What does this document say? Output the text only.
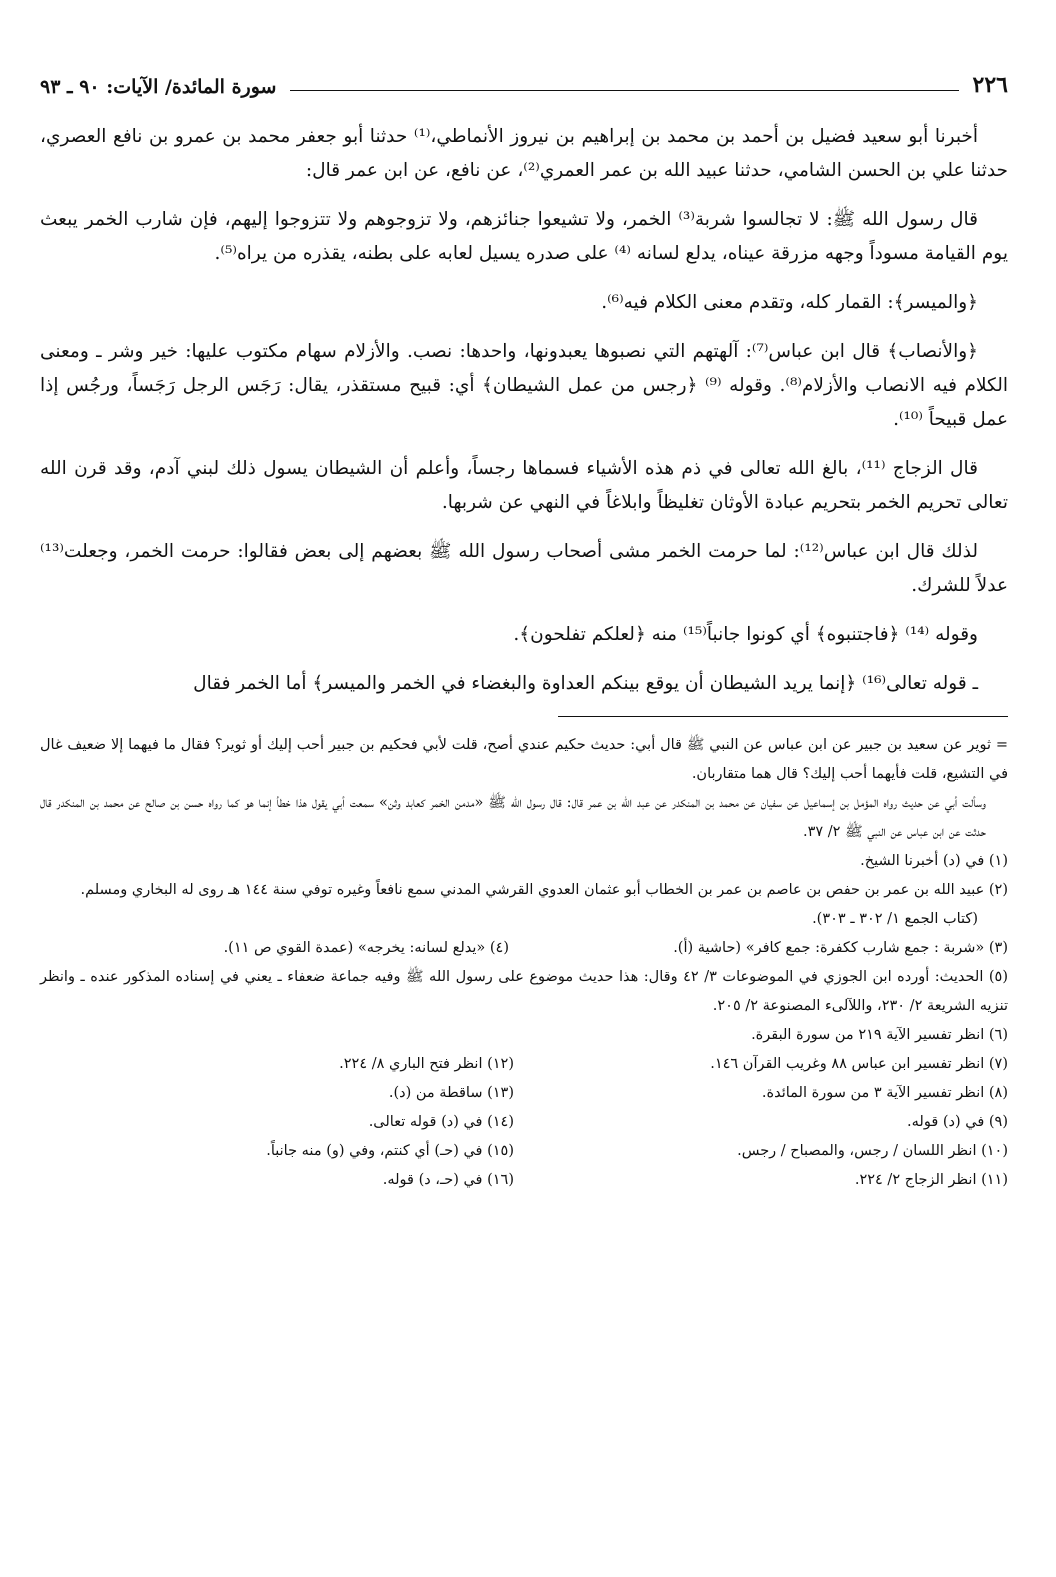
٢٢٦
سورة المائدة/ الآيات: ٩٠ ـ ٩٣

أخبرنا أبو سعيد فضيل بن أحمد بن محمد بن إبراهيم بن نيروز الأنماطي،⁽¹⁾ حدثنا أبو جعفر محمد بن عمرو بن نافع العصري، حدثنا علي بن الحسن الشامي، حدثنا عبيد الله بن عمر العمري⁽²⁾، عن نافع، عن ابن عمر قال:

قال رسول الله ﷺ: لا تجالسوا شربة⁽³⁾ الخمر، ولا تشيعوا جنائزهم، ولا تزوجوهم ولا تتزوجوا إليهم، فإن شارب الخمر يبعث يوم القيامة مسوداً وجهه مزرقة عيناه، يدلع لسانه ⁽⁴⁾ على صدره يسيل لعابه على بطنه، يقذره من يراه⁽⁵⁾.

﴿والميسر﴾: القمار كله، وتقدم معنى الكلام فيه⁽⁶⁾.

﴿والأنصاب﴾ قال ابن عباس⁽⁷⁾: آلهتهم التي نصبوها يعبدونها، واحدها: نصب. والأزلام سهام مكتوب عليها: خير وشر ـ ومعنى الكلام فيه الانصاب والأزلام⁽⁸⁾. وقوله ⁽⁹⁾ ﴿رجس من عمل الشيطان﴾ أي: قبيح مستقذر، يقال: رَجَس الرجل رَجَساً، ورجُس إذا عمل قبيحاً ⁽¹⁰⁾.

قال الزجاج ⁽¹¹⁾، بالغ الله تعالى في ذم هذه الأشياء فسماها رجساً، وأعلم أن الشيطان يسول ذلك لبني آدم، وقد قرن الله تعالى تحريم الخمر بتحريم عبادة الأوثان تغليظاً وابلاغاً في النهي عن شربها.

لذلك قال ابن عباس⁽¹²⁾: لما حرمت الخمر مشى أصحاب رسول الله ﷺ بعضهم إلى بعض فقالوا: حرمت الخمر، وجعلت⁽¹³⁾ عدلاً للشرك.

وقوله ⁽¹⁴⁾ ﴿فاجتنبوه﴾ أي كونوا جانباً⁽¹⁵⁾ منه ﴿لعلكم تفلحون﴾.

ـ قوله تعالى⁽¹⁶⁾ ﴿إنما يريد الشيطان أن يوقع بينكم العداوة والبغضاء في الخمر والميسر﴾ أما الخمر فقال

= ثوير عن سعيد بن جبير عن ابن عباس عن النبي ﷺ قال أبي: حديث حكيم عندي أصح، قلت لأبي فحكيم بن جبير أحب إليك أو ثوير؟ فقال ما فيهما إلا ضعيف غال في التشيع، قلت فأيهما أحب إليك؟ قال هما متقاربان.

وسألت أبي عن حديث رواه المؤمل بن إسماعيل عن سفيان عن محمد بن المنكدر عن عبد الله بن عمر قال: قال رسول الله ﷺ «مدمن الخمر كعابد وثن» سمعت أبي يقول هذا خطأ إنما هو كما رواه حسن بن صالح عن محمد بن المنكدر قال حدثت عن ابن عباس عن النبي ﷺ ٢/ ٣٧.

(١) في (د) أخبرنا الشيخ.

(٢) عبيد الله بن عمر بن حفص بن عاصم بن عمر بن الخطاب أبو عثمان العدوي القرشي المدني سمع نافعاً وغيره توفي سنة ١٤٤ هـ روى له البخاري ومسلم.

(كتاب الجمع ١/ ٣٠٢ ـ ٣٠٣).

(٣) «شربة : جمع شارب ككفرة: جمع كافر» (حاشية (أ).

(٤) «يدلع لسانه: يخرجه» (عمدة القوي ص ١١).

(٥) الحديث: أورده ابن الجوزي في الموضوعات ٣/ ٤٢ وقال: هذا حديث موضوع على رسول الله ﷺ وفيه جماعة ضعفاء ـ يعني في إسناده المذكور عنده ـ وانظر تنزيه الشريعة ٢/ ٢٣٠، واللآلىء المصنوعة ٢/ ٢٠٥.

(٦) انظر تفسير الآية ٢١٩ من سورة البقرة.

(٧) انظر تفسير ابن عباس ٨٨ وغريب القرآن ١٤٦.

(٨) انظر تفسير الآية ٣ من سورة المائدة.

(٩) في (د) قوله.

(١٠) انظر اللسان / رجس، والمصباح / رجس.

(١١) انظر الزجاج ٢/ ٢٢٤.

(١٢) انظر فتح الباري ٨/ ٢٢٤.

(١٣) ساقطة من (د).

(١٤) في (د) قوله تعالى.

(١٥) في (حـ) أي كنتم، وفي (و) منه جانباً.

(١٦) في (حـ، د) قوله.
